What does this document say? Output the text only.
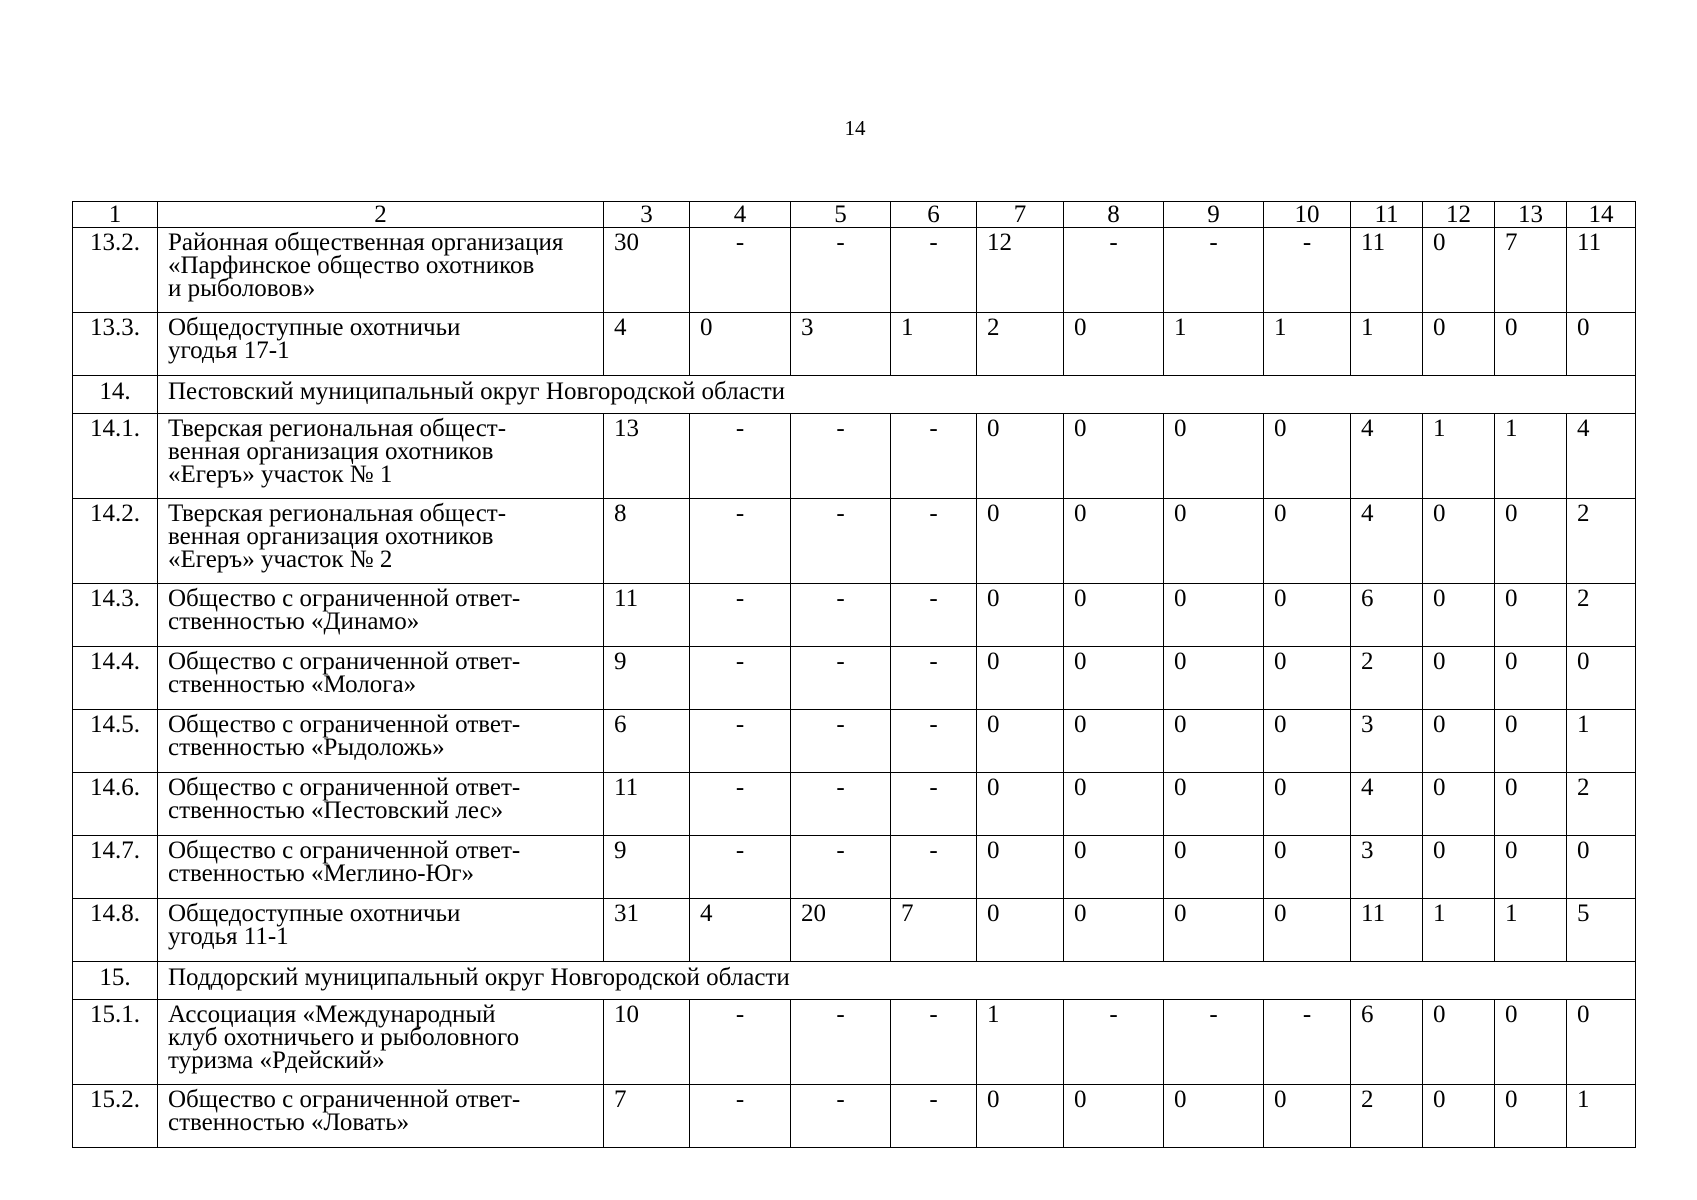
14
1	2	3	4	5	6	7	8	9	10	11	12	13	14
13.2.	Районная общественная организация
«Парфинское общество охотников
и рыболовов»	30	-	-	-	12	-	-	-	11	0	7	11
13.3.	Общедоступные охотничьи
угодья 17-1	4	0	3	1	2	0	1	1	1	0	0	0
14.	Пестовский муниципальный округ Новгородской области												
14.1.	Тверская региональная общест-
венная организация охотников
«Егеръ» участок № 1	13	-	-	-	0	0	0	0	4	1	1	4
14.2.	Тверская региональная общест-
венная организация охотников
«Егеръ» участок № 2	8	-	-	-	0	0	0	0	4	0	0	2
14.3.	Общество с ограниченной ответ-
ственностью «Динамо»	11	-	-	-	0	0	0	0	6	0	0	2
14.4.	Общество с ограниченной ответ-
ственностью «Молога»	9	-	-	-	0	0	0	0	2	0	0	0
14.5.	Общество с ограниченной ответ-
ственностью «Рыдоложь»	6	-	-	-	0	0	0	0	3	0	0	1
14.6.	Общество с ограниченной ответ-
ственностью «Пестовский лес»	11	-	-	-	0	0	0	0	4	0	0	2
14.7.	Общество с ограниченной ответ-
ственностью «Меглино-Юг»	9	-	-	-	0	0	0	0	3	0	0	0
14.8.	Общедоступные охотничьи
угодья 11-1	31	4	20	7	0	0	0	0	11	1	1	5
15.	Поддорский муниципальный округ Новгородской области												
15.1.	Ассоциация «Международный
клуб охотничьего и рыболовного
туризма «Рдейский»	10	-	-	-	1	-	-	-	6	0	0	0
15.2.	Общество с ограниченной ответ-
ственностью «Ловать»	7	-	-	-	0	0	0	0	2	0	0	1
